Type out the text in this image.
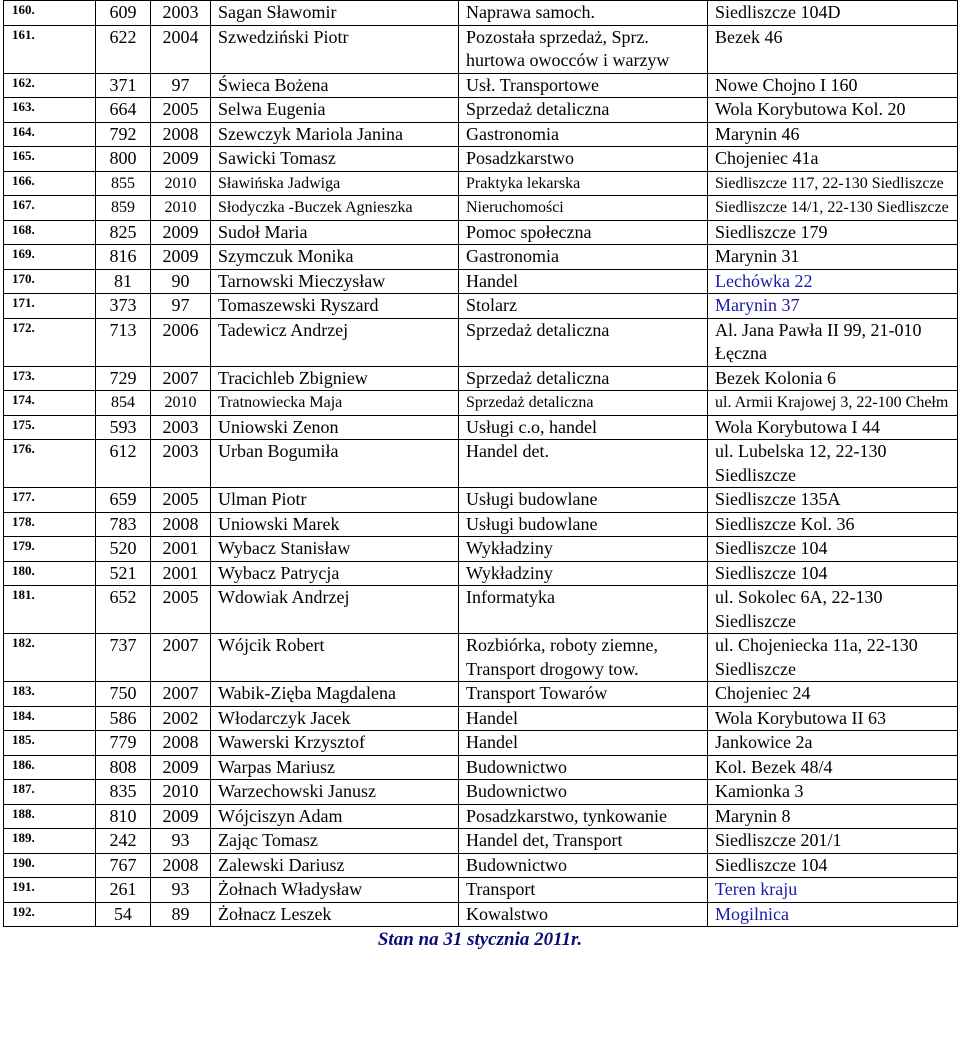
160.	609	2003	Sagan Sławomir	Naprawa samoch.	Siedliszcze 104D
161.	622	2004	Szwedziński Piotr	Pozostała sprzedaż, Sprz. hurtowa owocców i warzyw	Bezek 46
162.	371	97	Świeca Bożena	Usł. Transportowe	Nowe Chojno I 160
163.	664	2005	Selwa Eugenia	Sprzedaż detaliczna	Wola Korybutowa Kol. 20
164.	792	2008	Szewczyk Mariola Janina	Gastronomia	Marynin 46
165.	800	2009	Sawicki Tomasz	Posadzkarstwo	Chojeniec 41a
166.	855	2010	Sławińska Jadwiga	Praktyka lekarska	Siedliszcze 117, 22-130 Siedliszcze
167.	859	2010	Słodyczka -Buczek Agnieszka	Nieruchomości	Siedliszcze 14/1, 22-130 Siedliszcze
168.	825	2009	Sudoł Maria	Pomoc społeczna	Siedliszcze 179
169.	816	2009	Szymczuk Monika	Gastronomia	Marynin 31
170.	81	90	Tarnowski Mieczysław	Handel	Lechówka 22
171.	373	97	Tomaszewski Ryszard	Stolarz	Marynin 37
172.	713	2006	Tadewicz Andrzej	Sprzedaż detaliczna	Al. Jana Pawła II 99, 21-010 Łęczna
173.	729	2007	Tracichleb Zbigniew	Sprzedaż detaliczna	Bezek Kolonia 6
174.	854	2010	Tratnowiecka Maja	Sprzedaż detaliczna	ul. Armii Krajowej 3, 22-100 Chełm
175.	593	2003	Uniowski Zenon	Usługi c.o, handel	Wola Korybutowa I 44
176.	612	2003	Urban Bogumiła	Handel det.	ul. Lubelska 12, 22-130 Siedliszcze
177.	659	2005	Ulman Piotr	Usługi budowlane	Siedliszcze 135A
178.	783	2008	Uniowski Marek	Usługi budowlane	Siedliszcze Kol. 36
179.	520	2001	Wybacz Stanisław	Wykładziny	Siedliszcze 104
180.	521	2001	Wybacz Patrycja	Wykładziny	Siedliszcze 104
181.	652	2005	Wdowiak Andrzej	Informatyka	ul. Sokolec 6A, 22-130 Siedliszcze
182.	737	2007	Wójcik Robert	Rozbiórka, roboty ziemne, Transport drogowy tow.	ul. Chojeniecka 11a, 22-130 Siedliszcze
183.	750	2007	Wabik-Zięba Magdalena	Transport Towarów	Chojeniec 24
184.	586	2002	Włodarczyk Jacek	Handel	Wola Korybutowa II 63
185.	779	2008	Wawerski Krzysztof	Handel	Jankowice 2a
186.	808	2009	Warpas Mariusz	Budownictwo	Kol. Bezek 48/4
187.	835	2010	Warzechowski Janusz	Budownictwo	Kamionka 3
188.	810	2009	Wójciszyn Adam	Posadzkarstwo, tynkowanie	Marynin 8
189.	242	93	Zając Tomasz	Handel det, Transport	Siedliszcze 201/1
190.	767	2008	Zalewski Dariusz	Budownictwo	Siedliszcze 104
191.	261	93	Żołnach Władysław	Transport	Teren kraju
192.	54	89	Żołnacz Leszek	Kowalstwo	Mogilnica
Stan na 31 stycznia 2011r.
